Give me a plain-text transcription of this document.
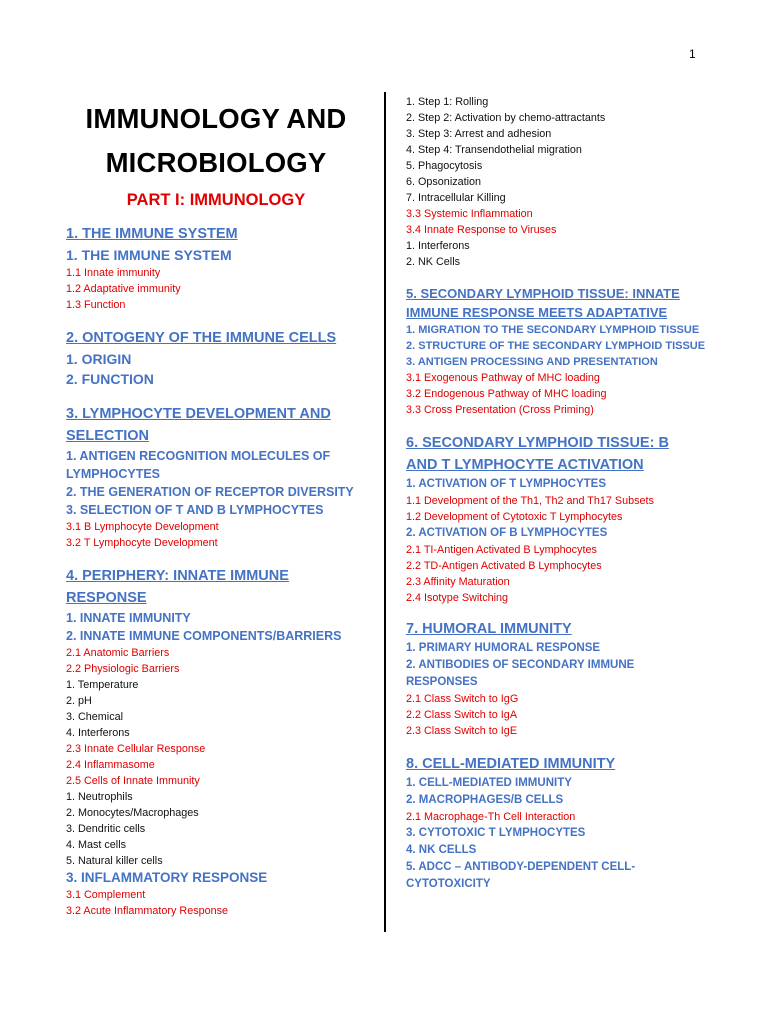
1
IMMUNOLOGY AND
MICROBIOLOGY
PART I: IMMUNOLOGY

1. THE IMMUNE SYSTEM

1. THE IMMUNE SYSTEM

1.1 Innate immunity

1.2 Adaptative immunity

1.3 Function

2. ONTOGENY OF THE IMMUNE CELLS

1. ORIGIN

2. FUNCTION

3. LYMPHOCYTE DEVELOPMENT AND

SELECTION

1. ANTIGEN RECOGNITION MOLECULES OF

LYMPHOCYTES

2. THE GENERATION OF RECEPTOR DIVERSITY

3. SELECTION OF T AND B LYMPHOCYTES

3.1 B Lymphocyte Development

3.2 T Lymphocyte Development

4. PERIPHERY: INNATE IMMUNE

RESPONSE

1. INNATE IMMUNITY

2. INNATE IMMUNE COMPONENTS/BARRIERS

2.1 Anatomic Barriers

2.2 Physiologic Barriers

1. Temperature

2. pH

3. Chemical

4. Interferons

2.3 Innate Cellular Response

2.4 Inflammasome

2.5 Cells of Innate Immunity

1. Neutrophils

2. Monocytes/Macrophages

3. Dendritic cells

4. Mast cells

5. Natural killer cells

3. INFLAMMATORY RESPONSE

3.1 Complement

3.2 Acute Inflammatory Response

1. Step 1: Rolling

2. Step 2: Activation by chemo-attractants

3. Step 3: Arrest and adhesion

4. Step 4: Transendothelial migration

5. Phagocytosis

6. Opsonization

7. Intracellular Killing

3.3 Systemic Inflammation

3.4 Innate Response to Viruses

1. Interferons

2. NK Cells

5. SECONDARY LYMPHOID TISSUE: INNATE

IMMUNE RESPONSE MEETS ADAPTATIVE

1. MIGRATION TO THE SECONDARY LYMPHOID TISSUE

2. STRUCTURE OF THE SECONDARY LYMPHOID TISSUE

3. ANTIGEN PROCESSING AND PRESENTATION

3.1 Exogenous Pathway of MHC loading

3.2 Endogenous Pathway of MHC loading

3.3 Cross Presentation (Cross Priming)

6. SECONDARY LYMPHOID TISSUE: B

AND T LYMPHOCYTE ACTIVATION

1. ACTIVATION OF T LYMPHOCYTES

1.1 Development of the Th1, Th2 and Th17 Subsets

1.2 Development of Cytotoxic T Lymphocytes

2. ACTIVATION OF B LYMPHOCYTES

2.1 TI-Antigen Activated B Lymphocytes

2.2 TD-Antigen Activated B Lymphocytes

2.3 Affinity Maturation

2.4 Isotype Switching

7. HUMORAL IMMUNITY

1. PRIMARY HUMORAL RESPONSE

2. ANTIBODIES OF SECONDARY IMMUNE

RESPONSES

2.1 Class Switch to IgG

2.2 Class Switch to IgA

2.3 Class Switch to IgE

8. CELL-MEDIATED IMMUNITY

1. CELL-MEDIATED IMMUNITY

2. MACROPHAGES/B CELLS

2.1 Macrophage-Th Cell Interaction

3. CYTOTOXIC T LYMPHOCYTES

4. NK CELLS

5. ADCC – ANTIBODY-DEPENDENT CELL-

CYTOTOXICITY
